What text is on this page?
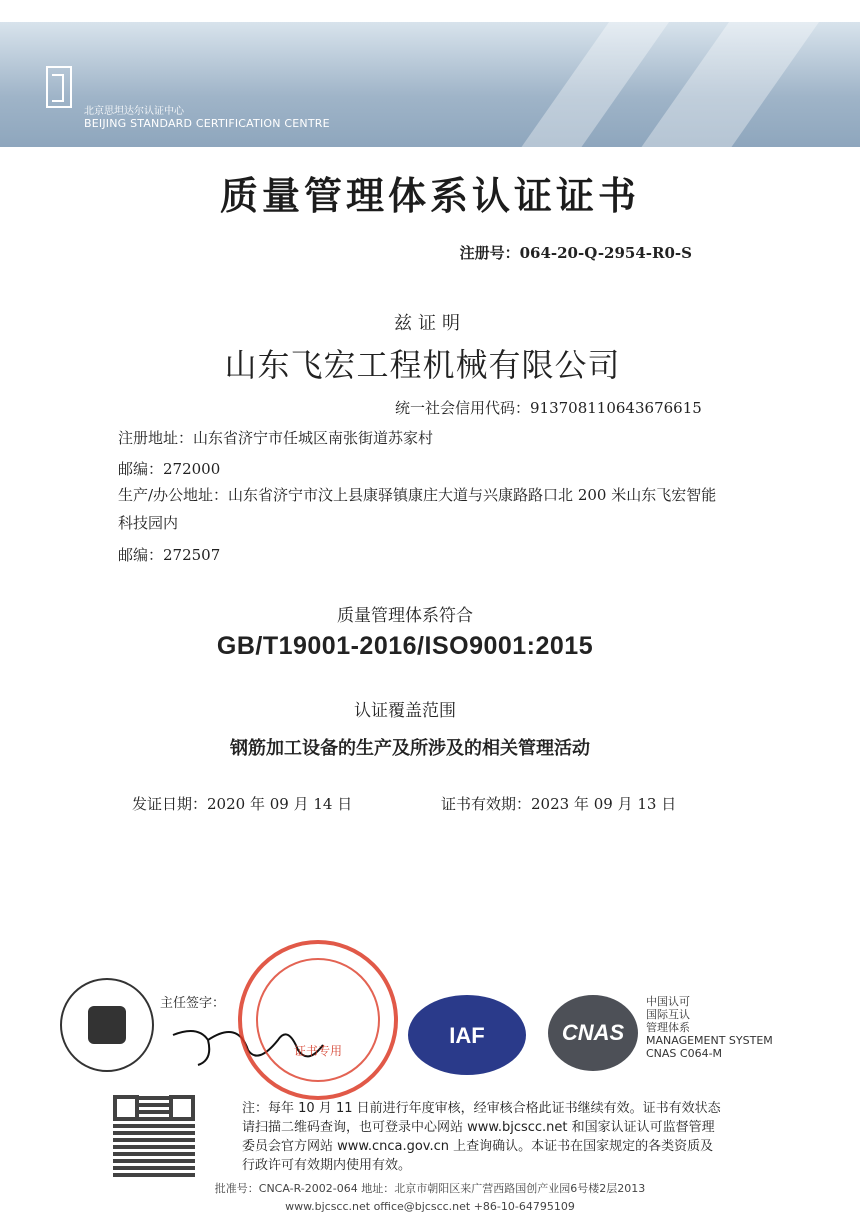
北京思坦达尔认证中心
BEIJING STANDARD CERTIFICATION CENTRE
质量管理体系认证证书
注册号：064-20-Q-2954-R0-S
兹证明
山东飞宏工程机械有限公司
统一社会信用代码：913708110643676615
注册地址：山东省济宁市任城区南张街道苏家村
邮编：272000
生产/办公地址：山东省济宁市汶上县康驿镇康庄大道与兴康路路口北 200 米山东飞宏智能科技园内
邮编：272507
质量管理体系符合
GB/T19001-2016/ISO9001:2015
认证覆盖范围
钢筋加工设备的生产及所涉及的相关管理活动
发证日期：2020 年 09 月 14 日	证书有效期：2023 年 09 月 13 日
主任签字：
证书专用
IAF	CNAS
中国认可
国际互认
管理体系
MANAGEMENT SYSTEM
CNAS C064-M
注：每年 10 月 11 日前进行年度审核，经审核合格此证书继续有效。证书有效状态请扫描二维码查询，也可登录中心网站 www.bjcscc.net 和国家认证认可监督管理委员会官方网站 www.cnca.gov.cn 上查询确认。本证书在国家规定的各类资质及行政许可有效期内使用有效。
批准号：CNCA-R-2002-064 地址：北京市朝阳区来广营西路国创产业园6号楼2层2013
www.bjcscc.net office@bjcscc.net +86-10-64795109
